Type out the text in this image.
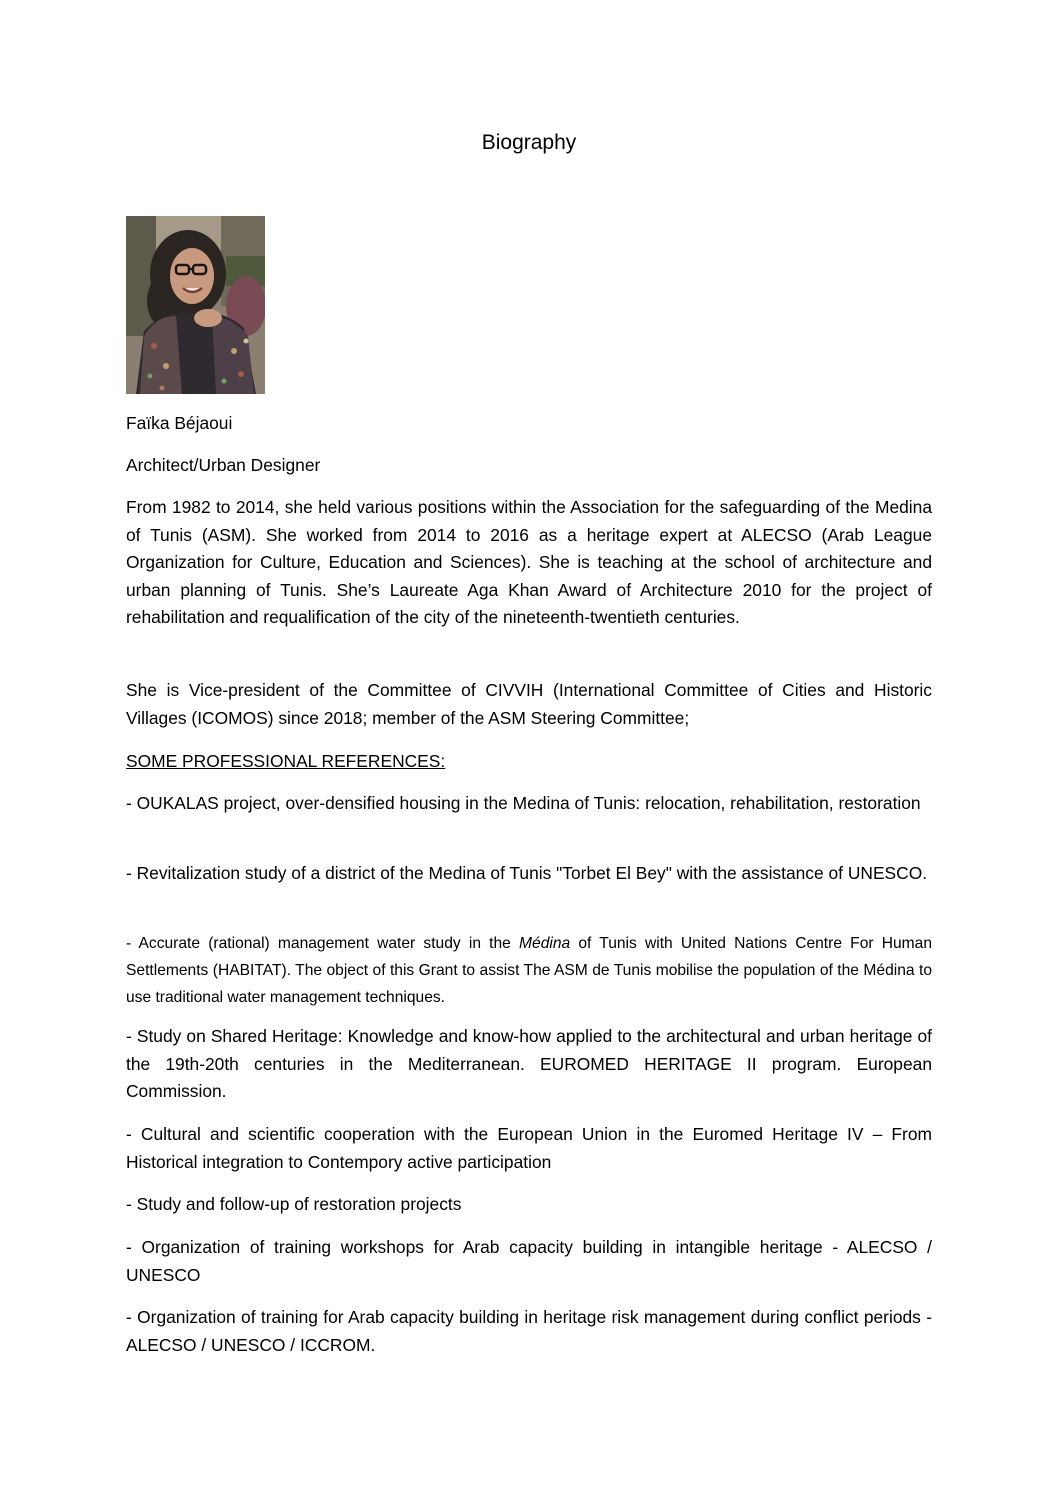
Biography
Faïka Béjaoui
Architect/Urban Designer
From 1982 to 2014, she held various positions within the Association for the safeguarding of the Medina of Tunis (ASM). She worked from 2014 to 2016 as a heritage expert at ALECSO (Arab League Organization for Culture, Education and Sciences). She is teaching at the school of architecture and urban planning of Tunis. She’s Laureate Aga Khan Award of Architecture 2010 for the project of rehabilitation and requalification of the city of the nineteenth-twentieth centuries.
She is Vice-president of the Committee of CIVVIH (International Committee of Cities and Historic Villages (ICOMOS) since 2018; member of the ASM Steering Committee;
SOME PROFESSIONAL REFERENCES:
- OUKALAS project, over-densified housing in the Medina of Tunis: relocation, rehabilitation, restoration
- Revitalization study of a district of the Medina of Tunis "Torbet El Bey" with the assistance of UNESCO.
- Accurate (rational) management water study in the Médina of Tunis with United Nations Centre For Human Settlements (HABITAT). The object of this Grant to assist The ASM de Tunis mobilise the population of the Médina to use traditional water management techniques.
- Study on Shared Heritage: Knowledge and know-how applied to the architectural and urban heritage of the 19th-20th centuries in the Mediterranean. EUROMED HERITAGE II program. European Commission.
- Cultural and scientific cooperation with the European Union in the Euromed Heritage IV – From Historical integration to Contempory active participation
- Study and follow-up of restoration projects
- Organization of training workshops for Arab capacity building in intangible heritage - ALECSO / UNESCO
- Organization of training for Arab capacity building in heritage risk management during conflict periods - ALECSO / UNESCO / ICCROM.
